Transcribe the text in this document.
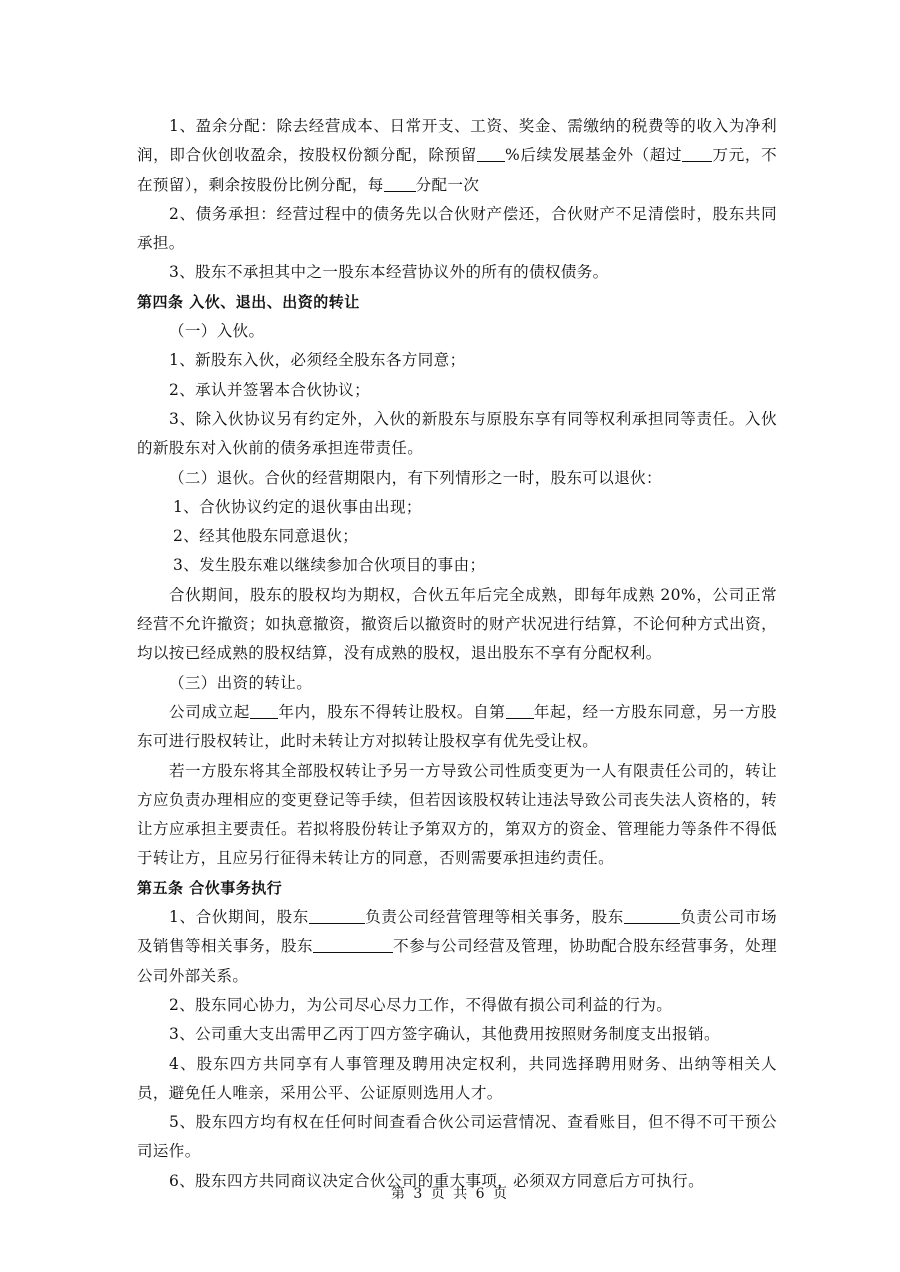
1、盈余分配：除去经营成本、日常开支、工资、奖金、需缴纳的税费等的收入为净利润，即合伙创收盈余，按股权份额分配，除预留 %后续发展基金外（超过 万元，不在预留），剩余按股份比例分配，每 分配一次

2、债务承担：经营过程中的债务先以合伙财产偿还，合伙财产不足清偿时，股东共同承担。

3、股东不承担其中之一股东本经营协议外的所有的债权债务。

第四条 入伙、退出、出资的转让

（一）入伙。

1、新股东入伙，必须经全股东各方同意；

2、承认并签署本合伙协议；

3、除入伙协议另有约定外，入伙的新股东与原股东享有同等权利承担同等责任。入伙的新股东对入伙前的债务承担连带责任。

（二）退伙。合伙的经营期限内，有下列情形之一时，股东可以退伙：

1、合伙协议约定的退伙事由出现；

2、经其他股东同意退伙；

3、发生股东难以继续参加合伙项目的事由；

合伙期间，股东的股权均为期权，合伙五年后完全成熟，即每年成熟 20%，公司正常经营不允许撤资；如执意撤资，撤资后以撤资时的财产状况进行结算，不论何种方式出资，均以按已经成熟的股权结算，没有成熟的股权，退出股东不享有分配权利。

（三）出资的转让。

公司成立起 年内，股东不得转让股权。自第 年起，经一方股东同意，另一方股东可进行股权转让，此时未转让方对拟转让股权享有优先受让权。

若一方股东将其全部股权转让予另一方导致公司性质变更为一人有限责任公司的，转让方应负责办理相应的变更登记等手续，但若因该股权转让违法导致公司丧失法人资格的，转让方应承担主要责任。若拟将股份转让予第双方的，第双方的资金、管理能力等条件不得低于转让方，且应另行征得未转让方的同意，否则需要承担违约责任。

第五条 合伙事务执行

1、合伙期间，股东	负责公司经营管理等相关事务，股东	负责公司市场及销售等相关事务，股东	不参与公司经营及管理，协助配合股东经营事务，处理公司外部关系。

2、股东同心协力，为公司尽心尽力工作，不得做有损公司利益的行为。

3、公司重大支出需甲乙丙丁四方签字确认，其他费用按照财务制度支出报销。

4、股东四方共同享有人事管理及聘用决定权利，共同选择聘用财务、出纳等相关人员，避免任人唯亲，采用公平、公证原则选用人才。

5、股东四方均有权在任何时间查看合伙公司运营情况、查看账目，但不得不可干预公司运作。

6、股东四方共同商议决定合伙公司的重大事项，必须双方同意后方可执行。

第 3 页 共 6 页
